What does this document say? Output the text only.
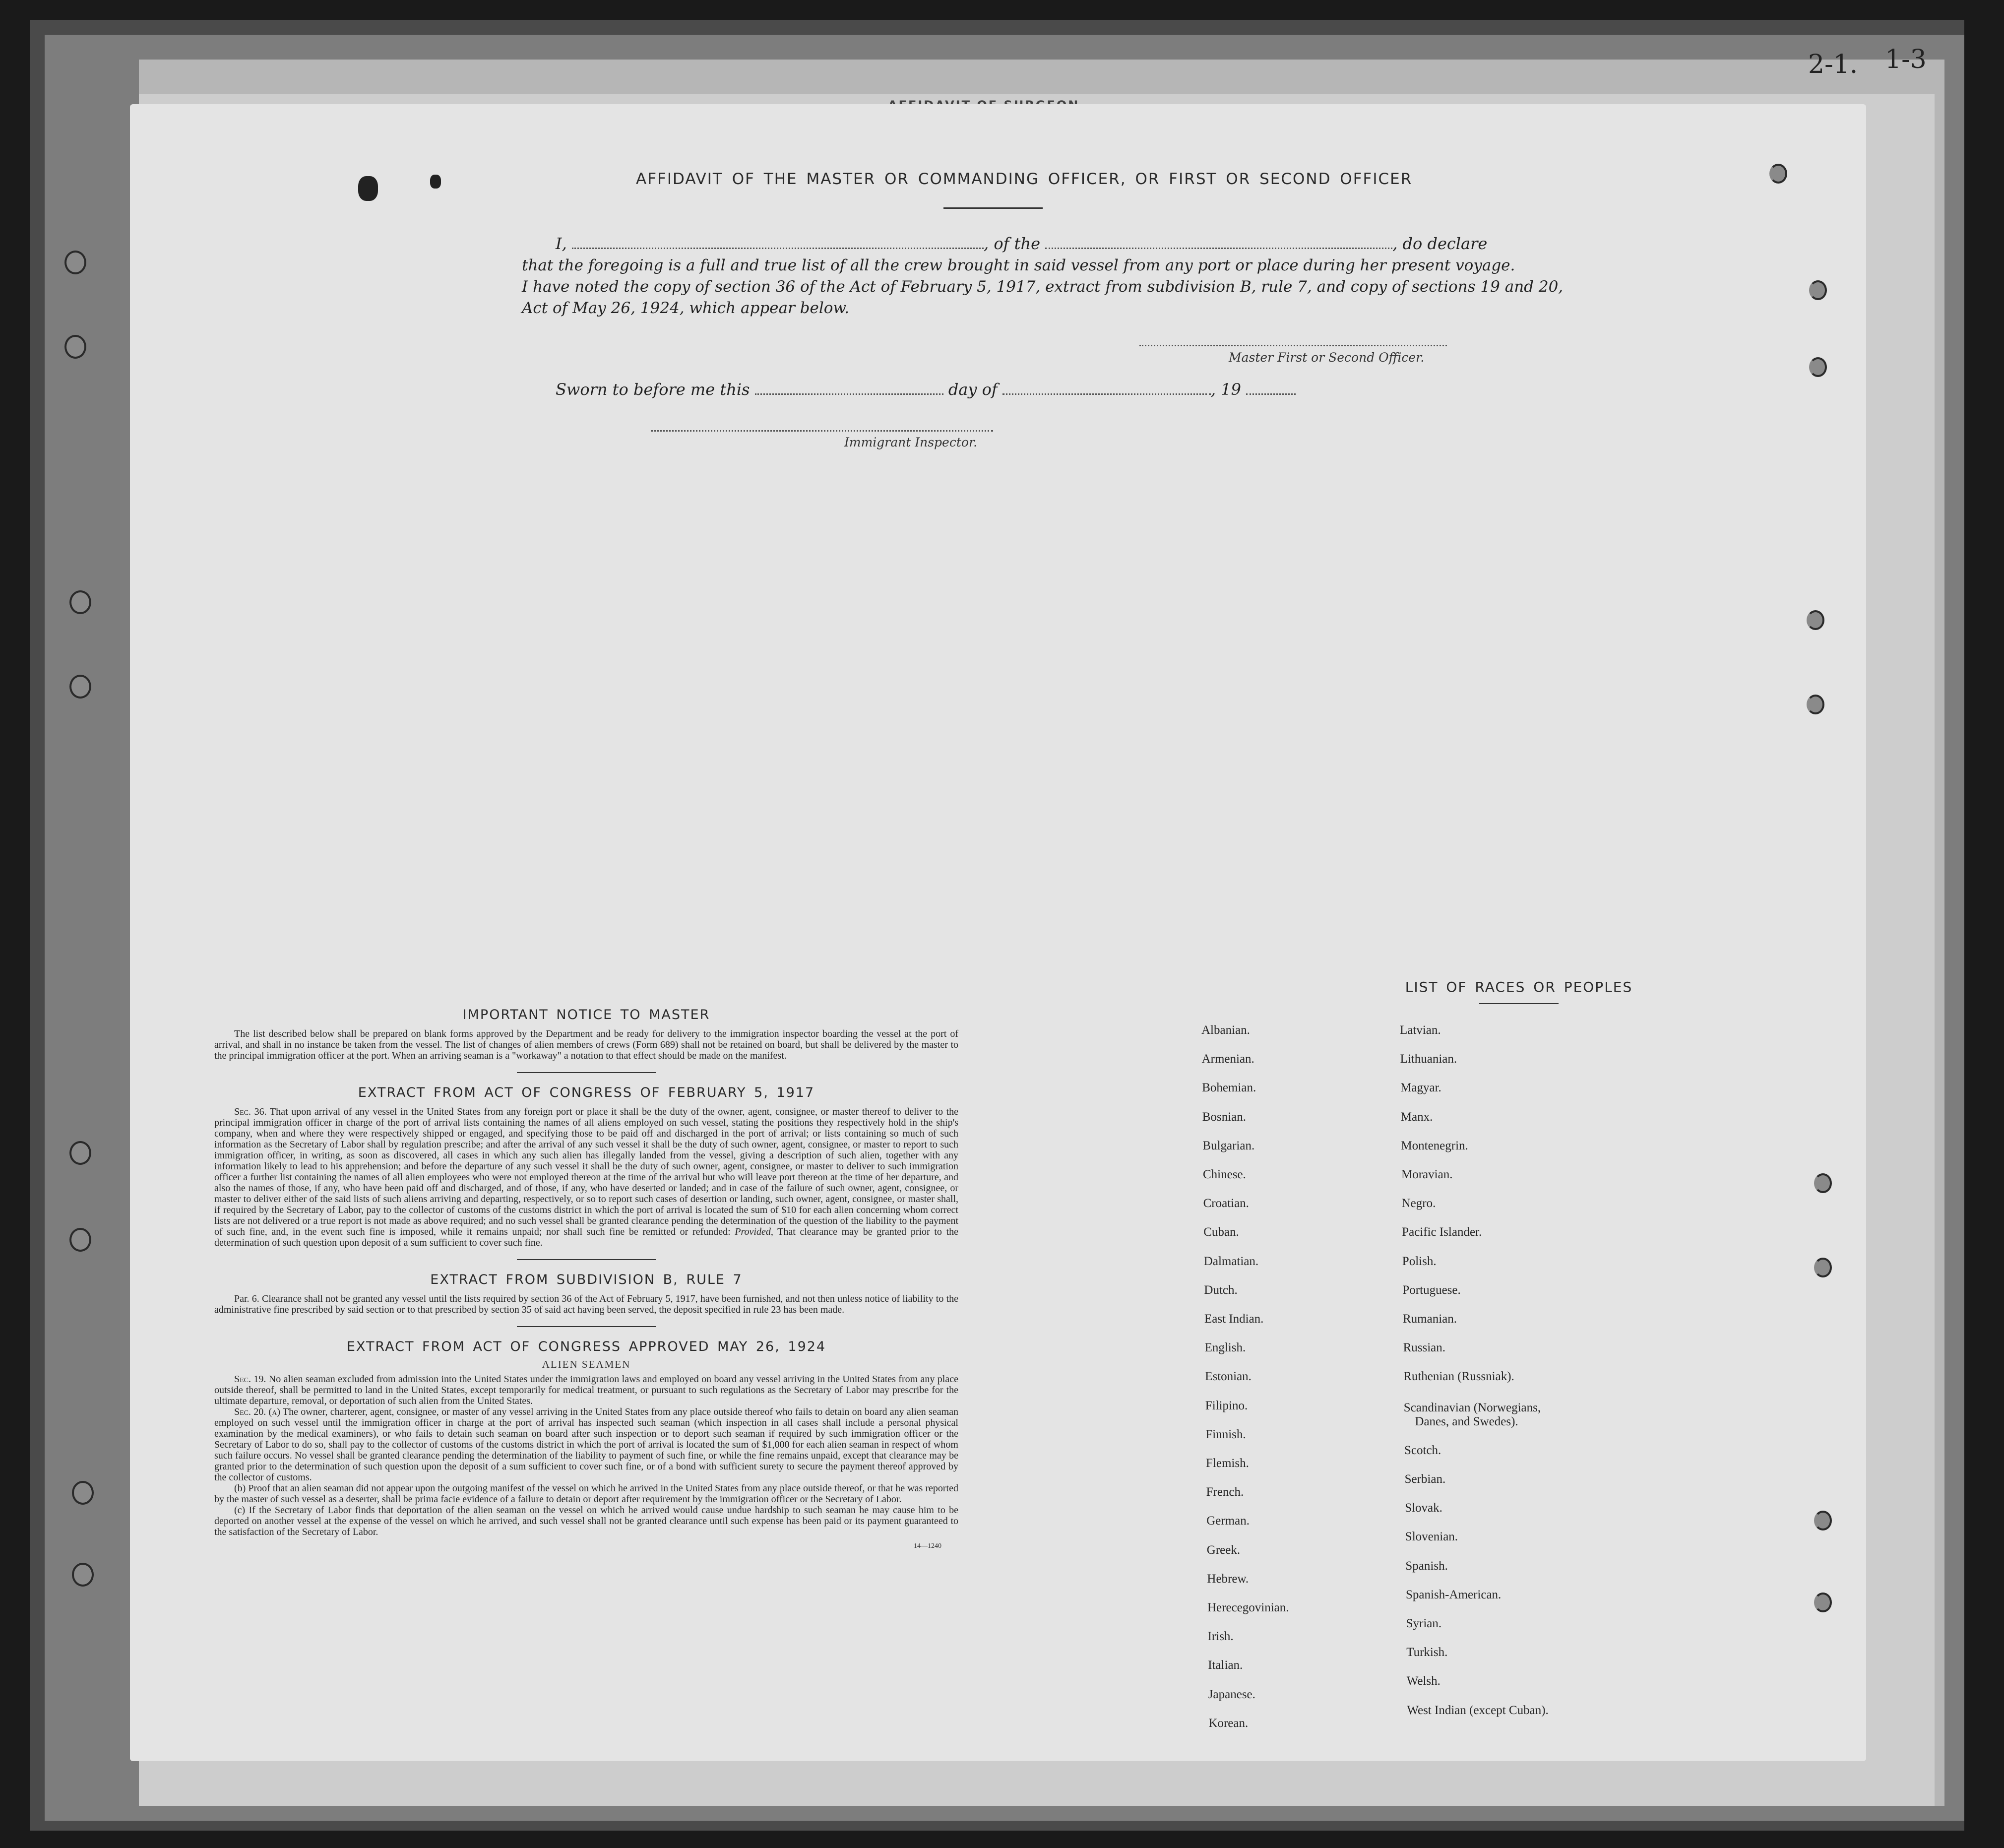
2-1. 1-3
AFFIDAVIT OF THE MASTER OR COMMANDING OFFICER, OR FIRST OR SECOND OFFICER
I,	, of the	, do declare
that the foregoing is a full and true list of all the crew brought in said vessel from any port or place during her present voyage.
I have noted the copy of section 36 of the Act of February 5, 1917, extract from subdivision B, rule 7, and copy of sections 19 and 20,
Act of May 26, 1924, which appear below.
Master First or Second Officer.
Sworn to before me this	day of	, 19
Immigrant Inspector.

IMPORTANT NOTICE TO MASTER

The list described below shall be prepared on blank forms approved by the Department and be ready for delivery to the immigration inspector boarding the vessel at the port of arrival, and shall in no instance be taken from the vessel. The list of changes of alien members of crews (Form 689) shall not be retained on board, but shall be delivered by the master to the principal immigration officer at the port. When an arriving seaman is a "workaway" a notation to that effect should be made on the manifest.

EXTRACT FROM ACT OF CONGRESS OF FEBRUARY 5, 1917

Sec. 36. That upon arrival of any vessel in the United States from any foreign port or place it shall be the duty of the owner, agent, consignee, or master thereof to deliver to the principal immigration officer in charge of the port of arrival lists containing the names of all aliens employed on such vessel, stating the positions they respectively hold in the ship's company, when and where they were respectively shipped or engaged, and specifying those to be paid off and discharged in the port of arrival; or lists containing so much of such information as the Secretary of Labor shall by regulation prescribe; and after the arrival of any such vessel it shall be the duty of such owner, agent, consignee, or master to report to such immigration officer, in writing, as soon as discovered, all cases in which any such alien has illegally landed from the vessel, giving a description of such alien, together with any information likely to lead to his apprehension; and before the departure of any such vessel it shall be the duty of such owner, agent, consignee, or master to deliver to such immigration officer a further list containing the names of all alien employees who were not employed thereon at the time of the arrival but who will leave port thereon at the time of her departure, and also the names of those, if any, who have been paid off and discharged, and of those, if any, who have deserted or landed; and in case of the failure of such owner, agent, consignee, or master to deliver either of the said lists of such aliens arriving and departing, respectively, or so to report such cases of desertion or landing, such owner, agent, consignee, or master shall, if required by the Secretary of Labor, pay to the collector of customs of the customs district in which the port of arrival is located the sum of $10 for each alien concerning whom correct lists are not delivered or a true report is not made as above required; and no such vessel shall be granted clearance pending the determination of the question of the liability to the payment of such fine, and, in the event such fine is imposed, while it remains unpaid; nor shall such fine be remitted or refunded: Provided, That clearance may be granted prior to the determination of such question upon deposit of a sum sufficient to cover such fine.

EXTRACT FROM SUBDIVISION B, RULE 7

Par. 6. Clearance shall not be granted any vessel until the lists required by section 36 of the Act of February 5, 1917, have been furnished, and not then unless notice of liability to the administrative fine prescribed by said section or to that prescribed by section 35 of said act having been served, the deposit specified in rule 23 has been made.

EXTRACT FROM ACT OF CONGRESS APPROVED MAY 26, 1924

ALIEN SEAMEN

Sec. 19. No alien seaman excluded from admission into the United States under the immigration laws and employed on board any vessel arriving in the United States from any place outside thereof, shall be permitted to land in the United States, except temporarily for medical treatment, or pursuant to such regulations as the Secretary of Labor may prescribe for the ultimate departure, removal, or deportation of such alien from the United States.

Sec. 20. (a) The owner, charterer, agent, consignee, or master of any vessel arriving in the United States from any place outside thereof who fails to detain on board any alien seaman employed on such vessel until the immigration officer in charge at the port of arrival has inspected such seaman (which inspection in all cases shall include a personal physical examination by the medical examiners), or who fails to detain such seaman on board after such inspection or to deport such seaman if required by such immigration officer or the Secretary of Labor to do so, shall pay to the collector of customs of the customs district in which the port of arrival is located the sum of $1,000 for each alien seaman in respect of whom such failure occurs. No vessel shall be granted clearance pending the determination of the liability to payment of such fine, or while the fine remains unpaid, except that clearance may be granted prior to the determination of such question upon the deposit of a sum sufficient to cover such fine, or of a bond with sufficient surety to secure the payment thereof approved by the collector of customs.

(b) Proof that an alien seaman did not appear upon the outgoing manifest of the vessel on which he arrived in the United States from any place outside thereof, or that he was reported by the master of such vessel as a deserter, shall be prima facie evidence of a failure to detain or deport after requirement by the immigration officer or the Secretary of Labor.

(c) If the Secretary of Labor finds that deportation of the alien seaman on the vessel on which he arrived would cause undue hardship to such seaman he may cause him to be deported on another vessel at the expense of the vessel on which he arrived, and such vessel shall not be granted clearance until such expense has been paid or its payment guaranteed to the satisfaction of the Secretary of Labor.

14—1240
LIST OF RACES OR PEOPLES
Albanian.
Armenian.
Bohemian.
Bosnian.
Bulgarian.
Chinese.
Croatian.
Cuban.
Dalmatian.
Dutch.
East Indian.
English.
Estonian.
Filipino.
Finnish.
Flemish.
French.
German.
Greek.
Hebrew.
Herecegovinian.
Irish.
Italian.
Japanese.
Korean.
Latvian.
Lithuanian.
Magyar.
Manx.
Montenegrin.
Moravian.
Negro.
Pacific Islander.
Polish.
Portuguese.
Rumanian.
Russian.
Ruthenian (Russniak).
Scandinavian (Norwegians,
Danes, and Swedes).
Scotch.
Serbian.
Slovak.
Slovenian.
Spanish.
Spanish-American.
Syrian.
Turkish.
Welsh.
West Indian (except Cuban).
